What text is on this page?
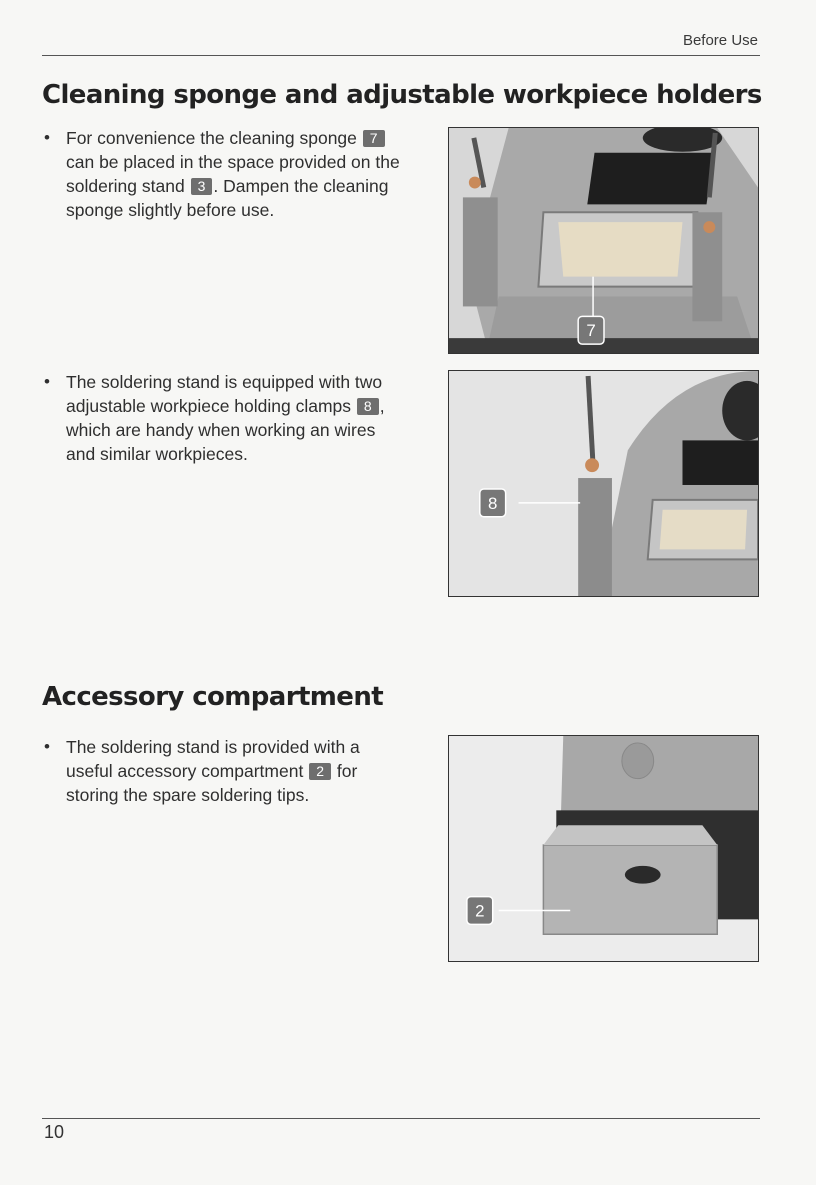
Before Use
Cleaning sponge and adjustable workpiece holders
• For convenience the cleaning sponge 7can be placed in the space provided on the soldering stand 3 . Dampen the cleaning sponge slightly before use.
7
• The soldering stand is equipped with two adjustable workpiece holding clamps 8 , which are handy when working an wires and similar workpieces.
8
Accessory compartment
• The soldering stand is provided with a useful accessory compartment 2 for storing the spare soldering tips.
2
10
